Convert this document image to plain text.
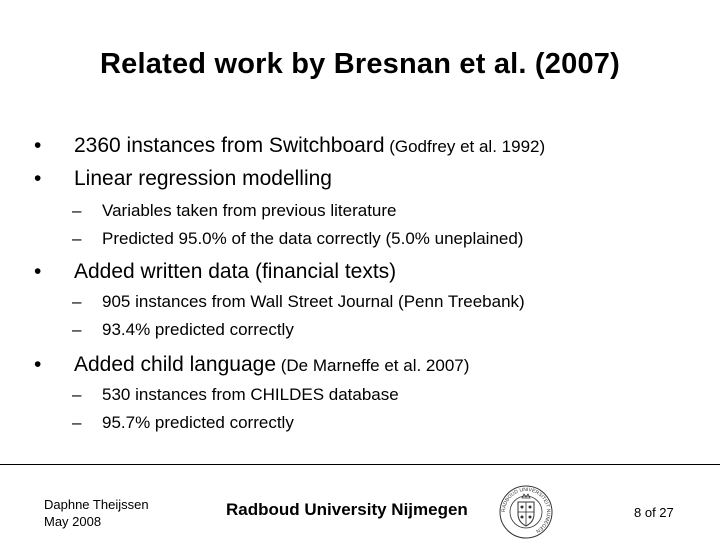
Related work by Bresnan et al. (2007)
• 2360 instances from Switchboard (Godfrey et al. 1992)
• Linear regression modelling
– Variables taken from previous literature
– Predicted 95.0% of the data correctly (5.0% uneplained)
• Added written data (financial texts)
– 905 instances from Wall Street Journal (Penn Treebank)
– 93.4% predicted correctly
• Added child language (De Marneffe et al. 2007)
– 530 instances from CHILDES database
– 95.7% predicted correctly
Daphne Theijssen
May 2008
Radboud University Nijmegen	RADBOUD UNIVERSITEIT NIJMEGEN
8 of 27
